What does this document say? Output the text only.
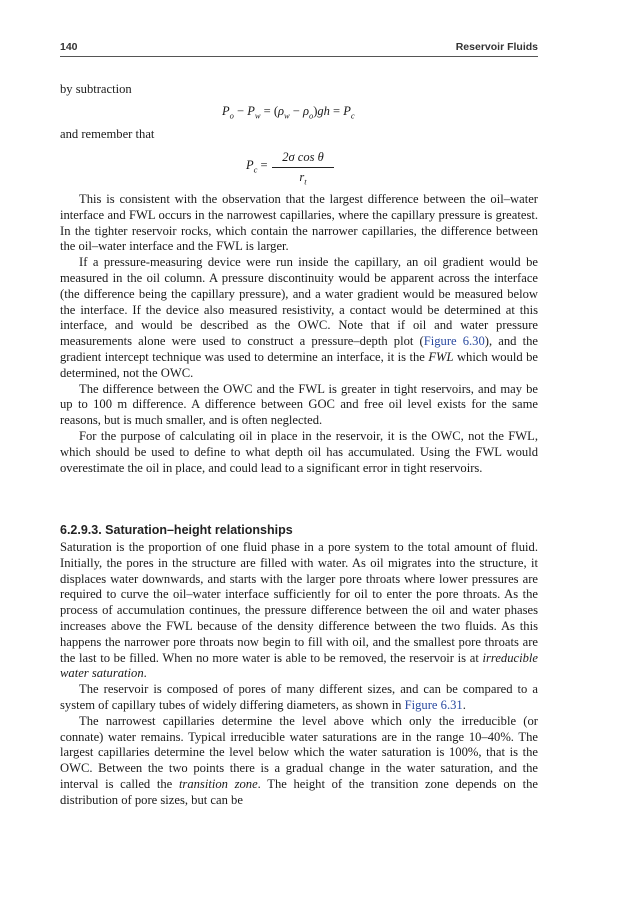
140	Reservoir Fluids
by subtraction
$P_o - P_w = (\rho_w - \rho_o)gh = P_c$
and remember that
$P_c = \frac{\text{2σ cos θ}}{r_t}$

This is consistent with the observation that the largest difference between the oil–water interface and FWL occurs in the narrowest capillaries, where the capillary pressure is greatest. In the tighter reservoir rocks, which contain the narrower capillaries, the difference between the oil–water interface and the FWL is larger.

If a pressure-measuring device were run inside the capillary, an oil gradient would be measured in the oil column. A pressure discontinuity would be apparent across the interface (the difference being the capillary pressure), and a water gradient would be measured below the interface. If the device also measured resistivity, a contact would be determined at this interface, and would be described as the OWC. Note that if oil and water pressure measurements alone were used to construct a pressure–depth plot (Figure 6.30), and the gradient intercept technique was used to determine an interface, it is the FWL which would be determined, not the OWC.

The difference between the OWC and the FWL is greater in tight reservoirs, and may be up to 100 m difference. A difference between GOC and free oil level exists for the same reasons, but is much smaller, and is often neglected.

For the purpose of calculating oil in place in the reservoir, it is the OWC, not the FWL, which should be used to define to what depth oil has accumulated. Using the FWL would overestimate the oil in place, and could lead to a significant error in tight reservoirs.

6.2.9.3. Saturation–height relationships

Saturation is the proportion of one fluid phase in a pore system to the total amount of fluid. Initially, the pores in the structure are filled with water. As oil migrates into the structure, it displaces water downwards, and starts with the larger pore throats where lower pressures are required to curve the oil–water interface sufficiently for oil to enter the pore throats. As the process of accumulation continues, the pressure difference between the oil and water phases increases above the FWL because of the density difference between the two fluids. As this happens the narrower pore throats now begin to fill with oil, and the smallest pore throats are the last to be filled. When no more water is able to be removed, the reservoir is at irreducible water saturation.

The reservoir is composed of pores of many different sizes, and can be compared to a system of capillary tubes of widely differing diameters, as shown in Figure 6.31.

The narrowest capillaries determine the level above which only the irreducible (or connate) water remains. Typical irreducible water saturations are in the range 10–40%. The largest capillaries determine the level below which the water saturation is 100%, that is the OWC. Between the two points there is a gradual change in the water saturation, and the interval is called the transition zone. The height of the transition zone depends on the distribution of pore sizes, but can be
